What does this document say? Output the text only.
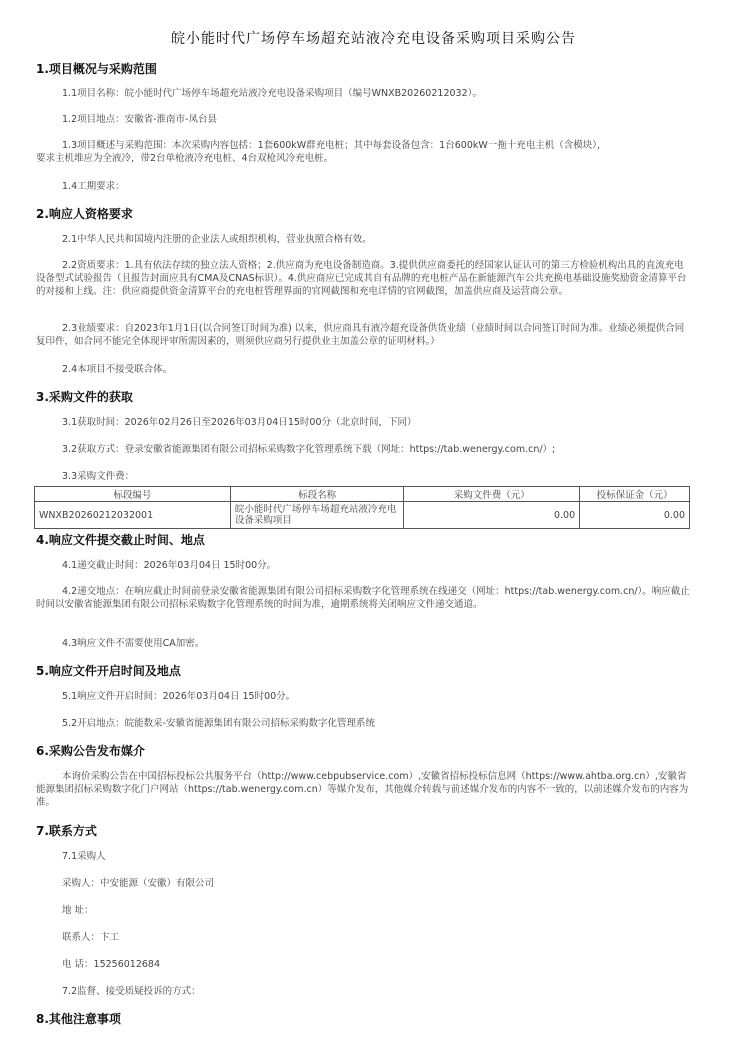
皖小能时代广场停车场超充站液冷充电设备采购项目采购公告
1.项目概况与采购范围
1.1项目名称：皖小能时代广场停车场超充站液冷充电设备采购项目（编号WNXB20260212032）。
1.2项目地点：安徽省-淮南市-凤台县
1.3项目概述与采购范围：本次采购内容包括：1套600kW群充电桩；其中每套设备包含：1台600kW一拖十充电主机（含模块），
要求主机堆应为全液冷，带2台单枪液冷充电桩、4台双枪风冷充电桩。
1.4工期要求：
2.响应人资格要求
2.1中华人民共和国境内注册的企业法人或组织机构，营业执照合格有效。
2.2资质要求：1.具有依法存续的独立法人资格；2.供应商为充电设备制造商。3.提供供应商委托的经国家认证认可的第三方检验机构出具的直流充电设备型式试验报告（且报告封面应具有CMA及CNAS标识）。4.供应商应已完成其自有品牌的充电桩产品在新能源汽车公共充换电基础设施奖励资金清算平台的对接和上线。注：供应商提供资金清算平台的充电桩管理界面的官网截图和充电详情的官网截图，加盖供应商及运营商公章。
2.3业绩要求：自2023年1月1日(以合同签订时间为准) 以来，供应商具有液冷超充设备供货业绩（业绩时间以合同签订时间为准。业绩必须提供合同复印件，如合同不能完全体现评审所需因素的，则须供应商另行提供业主加盖公章的证明材料。）
2.4本项目不接受联合体。
3.采购文件的获取
3.1获取时间：2026年02月26日至2026年03月04日15时00分（北京时间，下同）
3.2获取方式：登录安徽省能源集团有限公司招标采购数字化管理系统下载（网址：https://tab.wenergy.com.cn/）;
3.3采购文件费：
标段编号	标段名称	采购文件费（元）	投标保证金（元）
WNXB20260212032001	皖小能时代广场停车场超充站液冷充电设备采购项目	0.00	0.00
4.响应文件提交截止时间、地点
4.1递交截止时间：2026年03月04日 15时00分。
4.2递交地点：在响应截止时间前登录安徽省能源集团有限公司招标采购数字化管理系统在线递交（网址：https://tab.wenergy.com.cn/）。响应截止时间以安徽省能源集团有限公司招标采购数字化管理系统的时间为准，逾期系统将关闭响应文件递交通道。
4.3响应文件不需要使用CA加密。
5.响应文件开启时间及地点
5.1响应文件开启时间：2026年03月04日 15时00分。
5.2开启地点：皖能数采-安徽省能源集团有限公司招标采购数字化管理系统
6.采购公告发布媒介
本询价采购公告在中国招标投标公共服务平台（http://www.cebpubservice.com）,安徽省招标投标信息网（https://www.ahtba.org.cn）,安徽省能源集团招标采购数字化门户网站（https://tab.wenergy.com.cn）等媒介发布，其他媒介转载与前述媒介发布的内容不一致的，以前述媒介发布的内容为准。
7.联系方式
7.1采购人
采购人：中安能源（安徽）有限公司
地 址：
联系人：卞工
电 话：15256012684
7.2监督、接受质疑投诉的方式：
8.其他注意事项
